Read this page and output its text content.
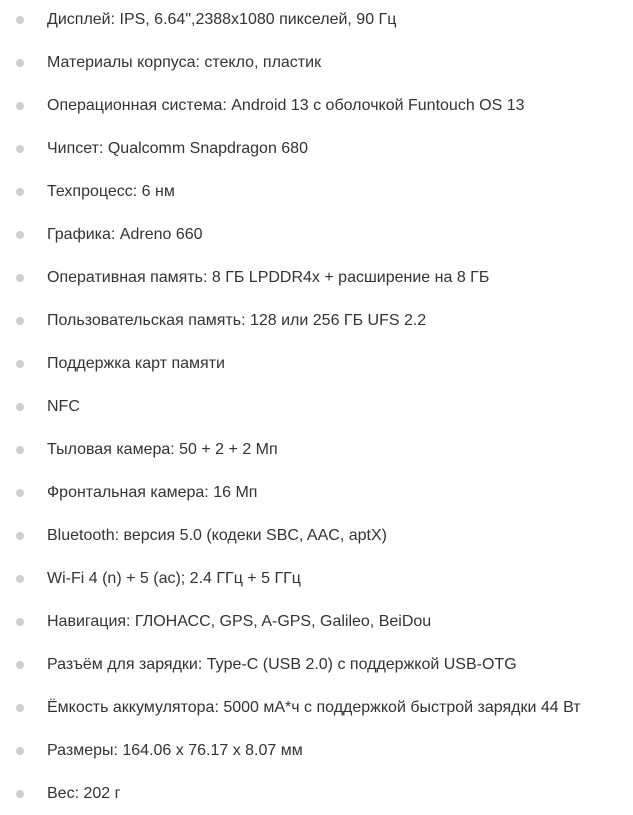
Дисплей: IPS, 6.64",2388х1080 пикселей, 90 Гц
Материалы корпуса: стекло, пластик
Операционная система: Android 13 с оболочкой Funtouch OS 13
Чипсет: Qualcomm Snapdragon 680
Техпроцесс: 6 нм
Графика: Adreno 660
Оперативная память: 8 ГБ LPDDR4x + расширение на 8 ГБ
Пользовательская память: 128 или 256 ГБ UFS 2.2
Поддержка карт памяти
NFC
Тыловая камера: 50 + 2 + 2 Мп
Фронтальная камера: 16 Мп
Bluetooth: версия 5.0 (кодеки SBC, AAC, aptX)
Wi-Fi 4 (n) + 5 (ac); 2.4 ГГц + 5 ГГц
Навигация: ГЛОНАСС, GPS, A-GPS, Galileo, BeiDou
Разъём для зарядки: Type-C (USB 2.0) с поддержкой USB-OTG
Ёмкость аккумулятора: 5000 мА*ч с поддержкой быстрой зарядки 44 Вт
Размеры: 164.06 х 76.17 х 8.07 мм
Вес: 202 г
